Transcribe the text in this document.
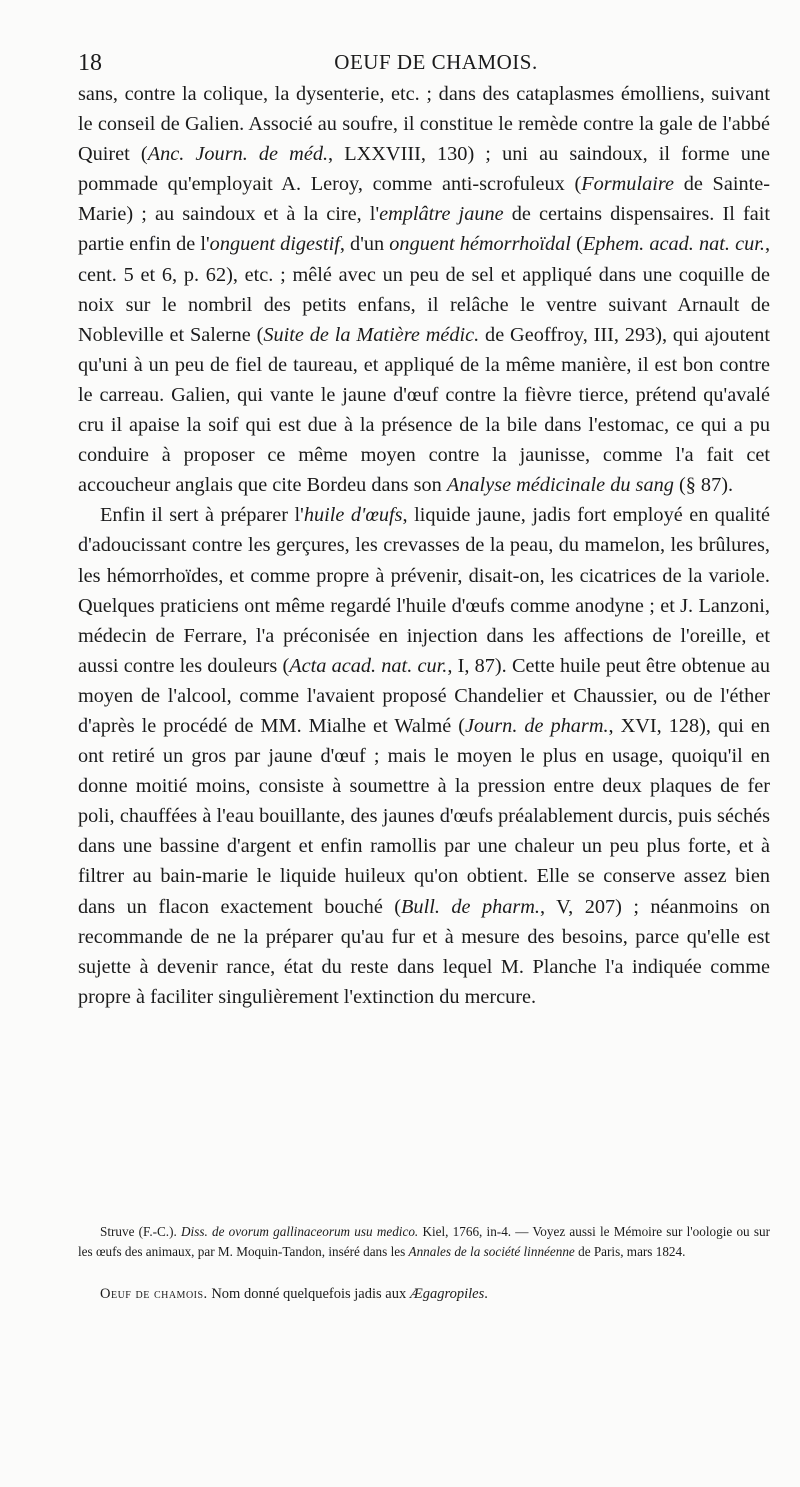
18	OEUF DE CHAMOIS.

sans, contre la colique, la dysenterie, etc. ; dans des cataplasmes émolliens, suivant le conseil de Galien. Associé au soufre, il constitue le remède contre la gale de l'abbé Quiret (Anc. Journ. de méd., LXXVIII, 130) ; uni au saindoux, il forme une pommade qu'employait A. Leroy, comme anti-scrofuleux (Formulaire de Sainte-Marie) ; au saindoux et à la cire, l'emplâtre jaune de certains dispensaires. Il fait partie enfin de l'onguent digestif, d'un onguent hémorrhoïdal (Ephem. acad. nat. cur., cent. 5 et 6, p. 62), etc. ; mêlé avec un peu de sel et appliqué dans une coquille de noix sur le nombril des petits enfans, il relâche le ventre suivant Arnault de Nobleville et Salerne (Suite de la Matière médic. de Geoffroy, III, 293), qui ajoutent qu'uni à un peu de fiel de taureau, et appliqué de la même manière, il est bon contre le carreau. Galien, qui vante le jaune d'œuf contre la fièvre tierce, prétend qu'avalé cru il apaise la soif qui est due à la présence de la bile dans l'estomac, ce qui a pu conduire à proposer ce même moyen contre la jaunisse, comme l'a fait cet accoucheur anglais que cite Bordeu dans son Analyse médicinale du sang (§ 87).

Enfin il sert à préparer l'huile d'œufs, liquide jaune, jadis fort employé en qualité d'adoucissant contre les gerçures, les crevasses de la peau, du mamelon, les brûlures, les hémorrhoïdes, et comme propre à prévenir, disait-on, les cicatrices de la variole. Quelques praticiens ont même regardé l'huile d'œufs comme anodyne ; et J. Lanzoni, médecin de Ferrare, l'a préconisée en injection dans les affections de l'oreille, et aussi contre les douleurs (Acta acad. nat. cur., I, 87). Cette huile peut être obtenue au moyen de l'alcool, comme l'avaient proposé Chandelier et Chaussier, ou de l'éther d'après le procédé de MM. Mialhe et Walmé (Journ. de pharm., XVI, 128), qui en ont retiré un gros par jaune d'œuf ; mais le moyen le plus en usage, quoiqu'il en donne moitié moins, consiste à soumettre à la pression entre deux plaques de fer poli, chauffées à l'eau bouillante, des jaunes d'œufs préalablement durcis, puis séchés dans une bassine d'argent et enfin ramollis par une chaleur un peu plus forte, et à filtrer au bain-marie le liquide huileux qu'on obtient. Elle se conserve assez bien dans un flacon exactement bouché (Bull. de pharm., V, 207) ; néanmoins on recommande de ne la préparer qu'au fur et à mesure des besoins, parce qu'elle est sujette à devenir rance, état du reste dans lequel M. Planche l'a indiquée comme propre à faciliter singulièrement l'extinction du mercure.

Struve (F.-C.). Diss. de ovorum gallinaceorum usu medico. Kiel, 1766, in-4. — Voyez aussi le Mémoire sur l'oologie ou sur les œufs des animaux, par M. Moquin-Tandon, inséré dans les Annales de la société linnéenne de Paris, mars 1824.
Oeuf de chamois. Nom donné quelquefois jadis aux Ægagropiles.
